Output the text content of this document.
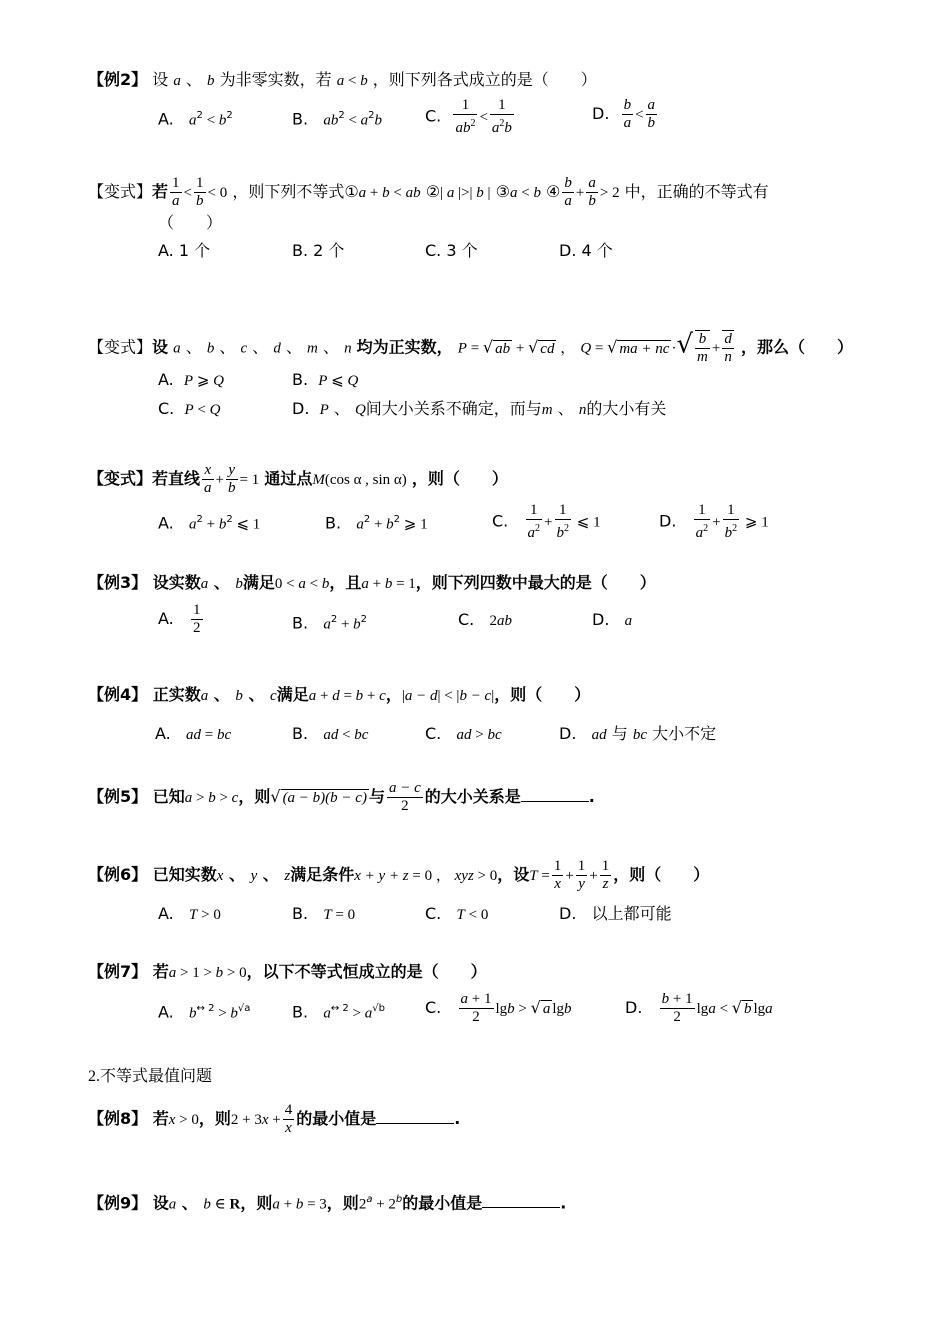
【例2】 设 a 、 b 为非零实数，若 a < b ，则下列各式成立的是（　　）
A. $a^2 < b^2$	B. $ab^2 < a^2b$	C. $\frac{1}{ab^2} < \frac{1}{a^2b}$	D. $\frac{b}{a} < \frac{a}{b}$
【变式】若 $\frac{1}{a} < \frac{1}{b} < 0$ ，则下列不等式①a + b < ab ②| a |>| b | ③a < b ④ $\frac{b}{a} + \frac{a}{b} > 2$ 中，正确的不等式有
（　　）
A. 1 个	B. 2 个	C. 3 个	D. 4 个
【变式】设 a 、 b 、 c 、 d 、 m 、 n 均为正实数， P = √ ab + √ cd ， Q = √ ma + nc ·√ $\frac{b}{m} + \frac{d}{n}$ ，那么（　　）
A. P ⩾ Q	B. P ⩽ Q
C. P < Q	D. P 、 Q间大小关系不确定，而与m 、 n的大小有关
【变式】若直线 $\frac{x}{a} + \frac{y}{b} = 1$ 通过点M(cos α , sin α) ，则（　　）
A. $a^2 + b^2$ ⩽ 1	B. $a^2 + b^2$ ⩾ 1	C. $\frac{1}{a^2} + \frac{1}{b^2}$ ⩽ 1	D. $\frac{1}{a^2} + \frac{1}{b^2}$ ⩾ 1
【例3】 设实数a 、 b满足0 < a < b，且a + b = 1，则下列四数中最大的是（　　）
A. $\frac{1}{2}$	B. $a^2 + b^2$	C. 2ab	D. a
【例4】 正实数a 、 b 、 c满足a + d = b + c，|a − d| < |b − c|，则（　　）
A. ad = bc	B. ad < bc	C. ad > bc	D. ad 与 bc 大小不定
【例5】 已知a > b > c，则√ (a − b)(b − c) 与 $\frac{a - c}{2}$ 的大小关系是	.
【例6】 已知实数x 、 y 、 z满足条件x + y + z = 0 ， xyz > 0，设$T = \frac{1}{x} + \frac{1}{y} + \frac{1}{z}$ ，则（　　）
A. T > 0	B. T = 0	C. T < 0	D. 以上都可能
【例7】 若a > 1 > b > 0，以下不等式恒成立的是（　　）
A. $b^{\leftrightarrow 2} > b^{√a}$	B. $a^{\leftrightarrow 2} > a^{√b}$	C. $\frac{a + 1}{2}$ lgb > √ a lgb	D. $\frac{b + 1}{2}$ lga < √ b lga
2.不等式最值问题
【例8】 若x > 0，则$2 + 3x + \frac{4}{x}$ 的最小值是	.
【例9】 设a 、 b ∈ R，则a + b = 3，则$2^a + 2^b$的最小值是	.
